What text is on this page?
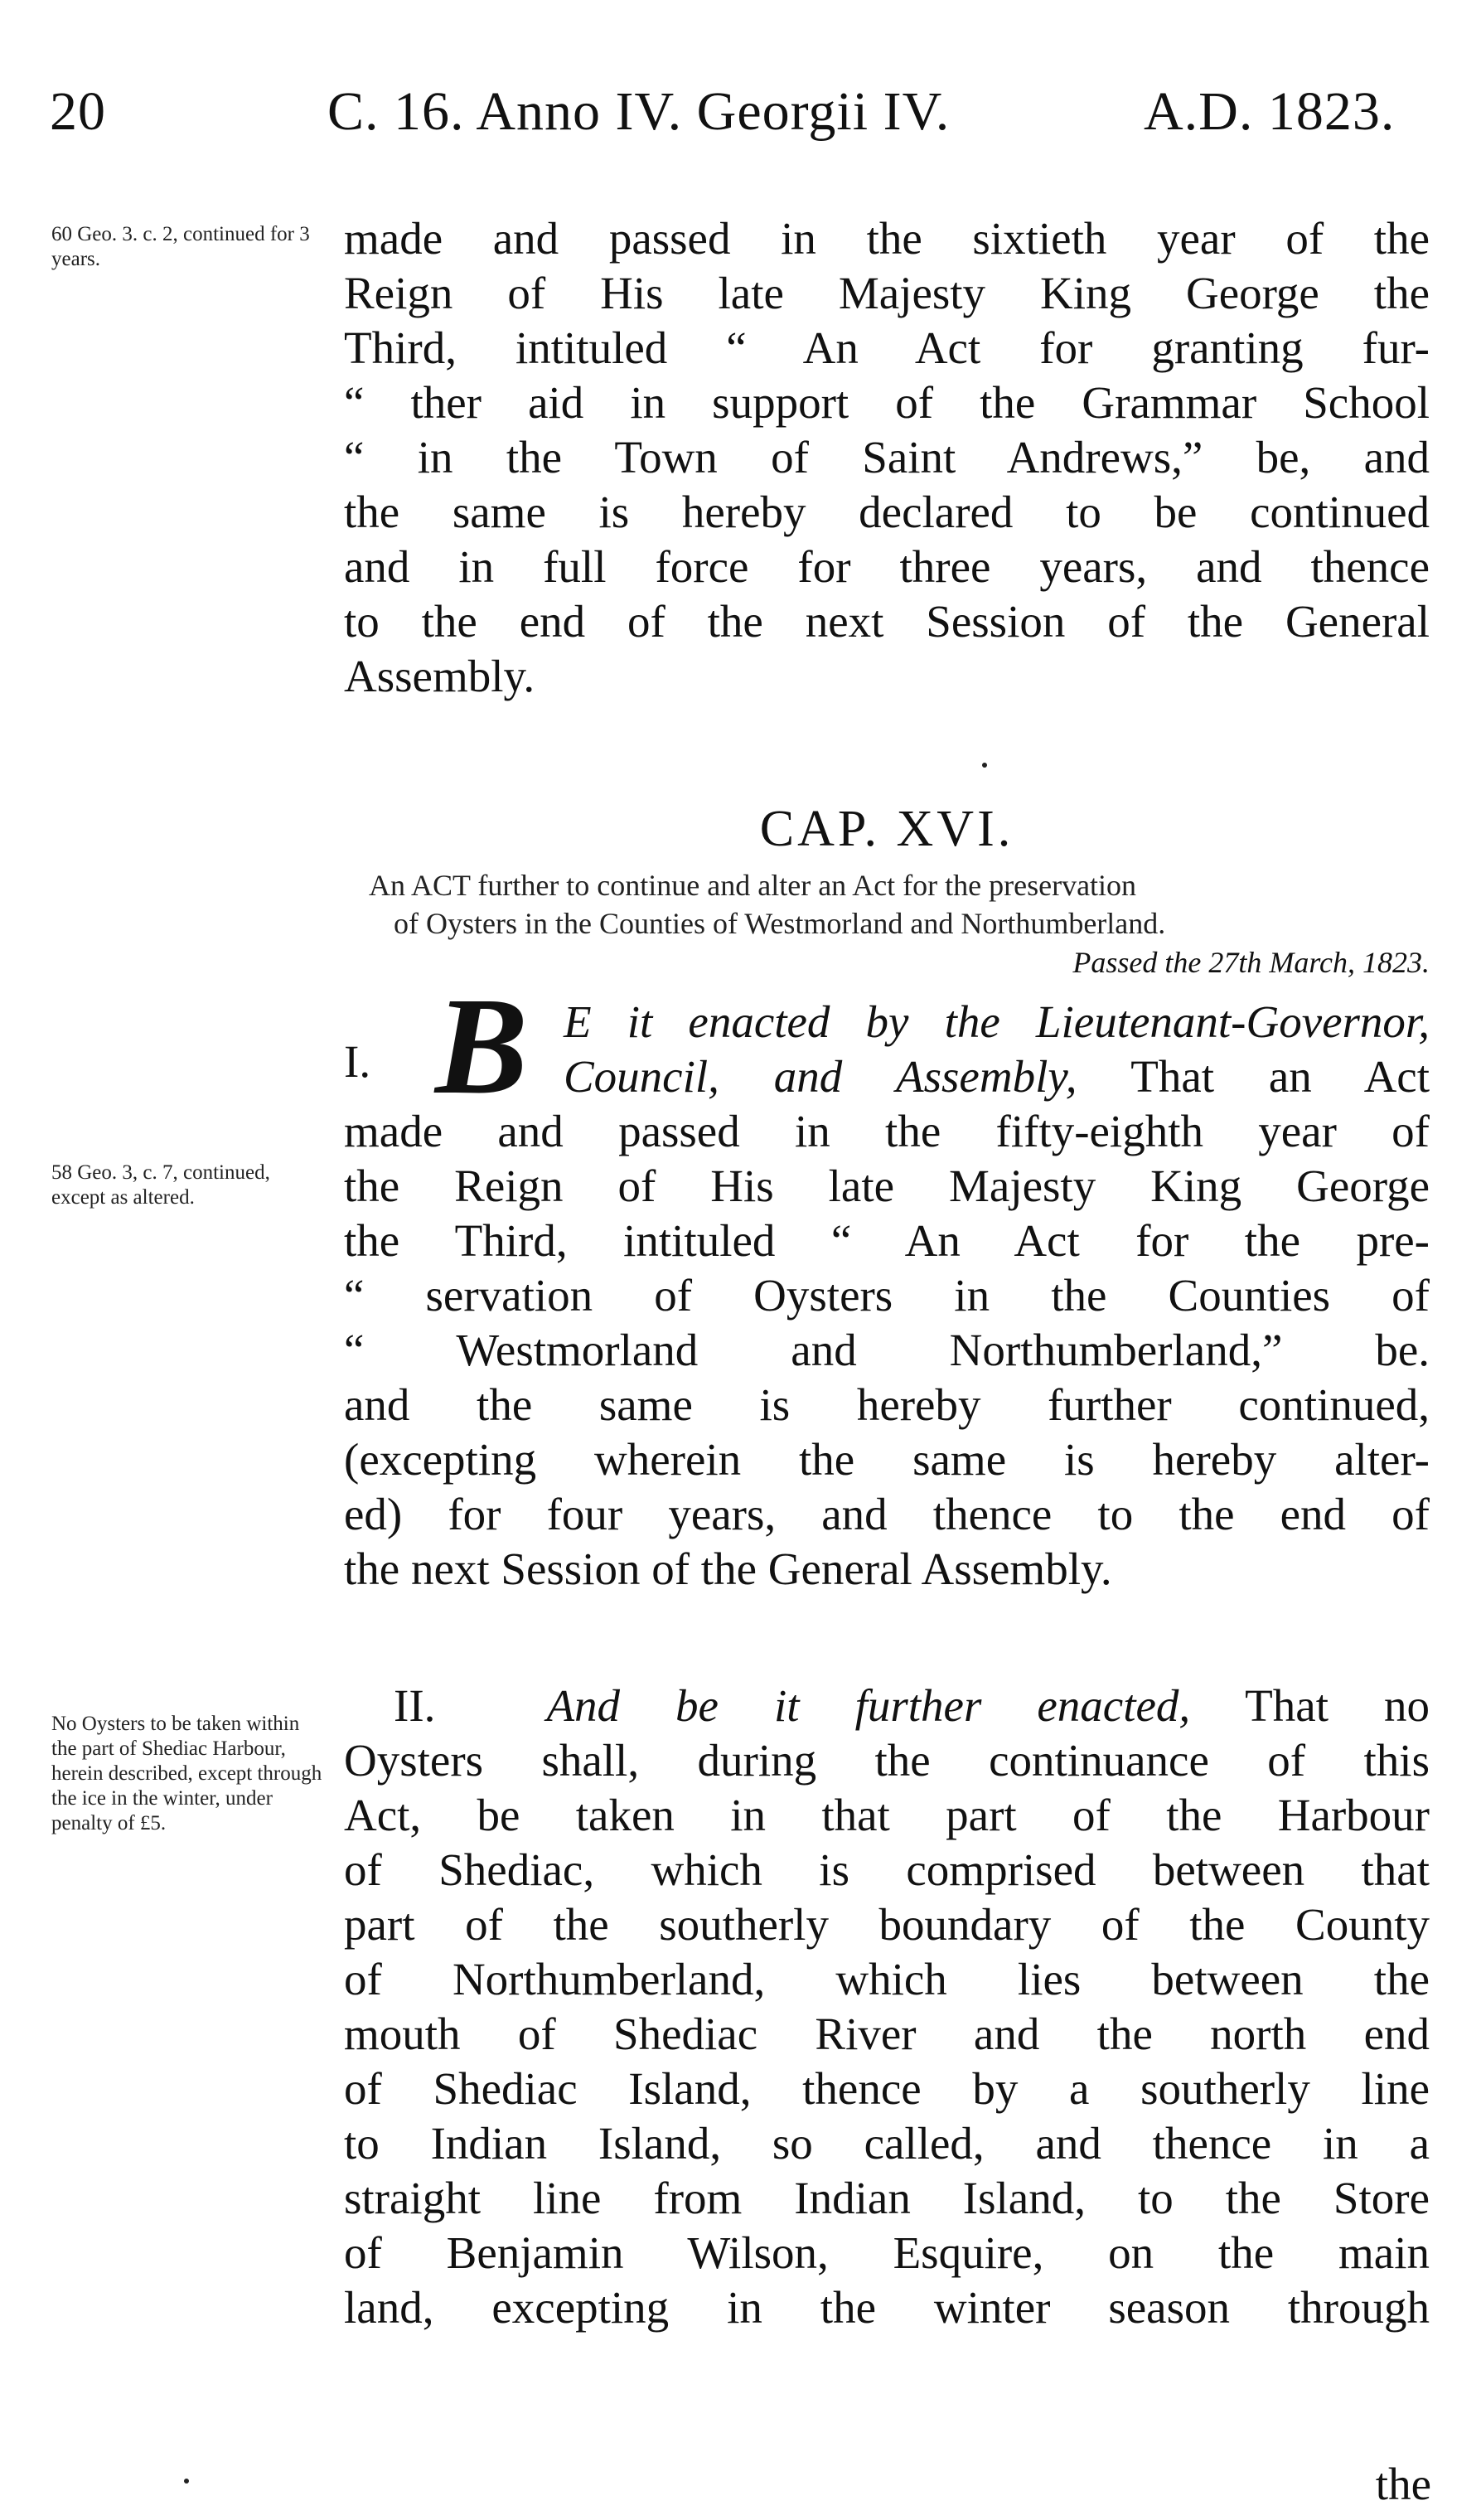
20	C. 16. Anno IV. Georgii IV.	A.D. 1823.
60 Geo. 3. c. 2, continued for 3 years.	made and passed in the sixtieth year of the
Reign of His late Majesty King George the
Third, intituled “ An Act for granting fur-
“ ther aid in support of the Grammar School
“ in the Town of Saint Andrews,” be, and
the same is hereby declared to be continued
and in full force for three years, and thence
to the end of the next Session of the General
Assembly.
CAP. XVI.
An ACT further to continue and alter an Act for the preservation
of Oysters in the Counties of Westmorland and Northumberland.
Passed the 27th March, 1823.
I. B E it enacted by the Lieutenant-Governor,
Council, and Assembly, That an Act
58 Geo. 3, c. 7, continued, except as altered.
made and passed in the fifty-eighth year of
the Reign of His late Majesty King George
the Third, intituled “ An Act for the pre-
“ servation of Oysters in the Counties of
“ Westmorland and Northumberland,” be.
and the same is hereby further continued,
(excepting wherein the same is hereby alter-
ed) for four years, and thence to the end of
the next Session of the General Assembly.
No Oysters to be taken within the part of Shediac Harbour, herein described, except through the ice in the winter, under penalty of £5.
II. And be it further enacted, That no
Oysters shall, during the continuance of this
Act, be taken in that part of the Harbour
of Shediac, which is comprised between that
part of the southerly boundary of the County
of Northumberland, which lies between the
mouth of Shediac River and the north end
of Shediac Island, thence by a southerly line
to Indian Island, so called, and thence in a
straight line from Indian Island, to the Store
of Benjamin Wilson, Esquire, on the main
land, excepting in the winter season through
the
